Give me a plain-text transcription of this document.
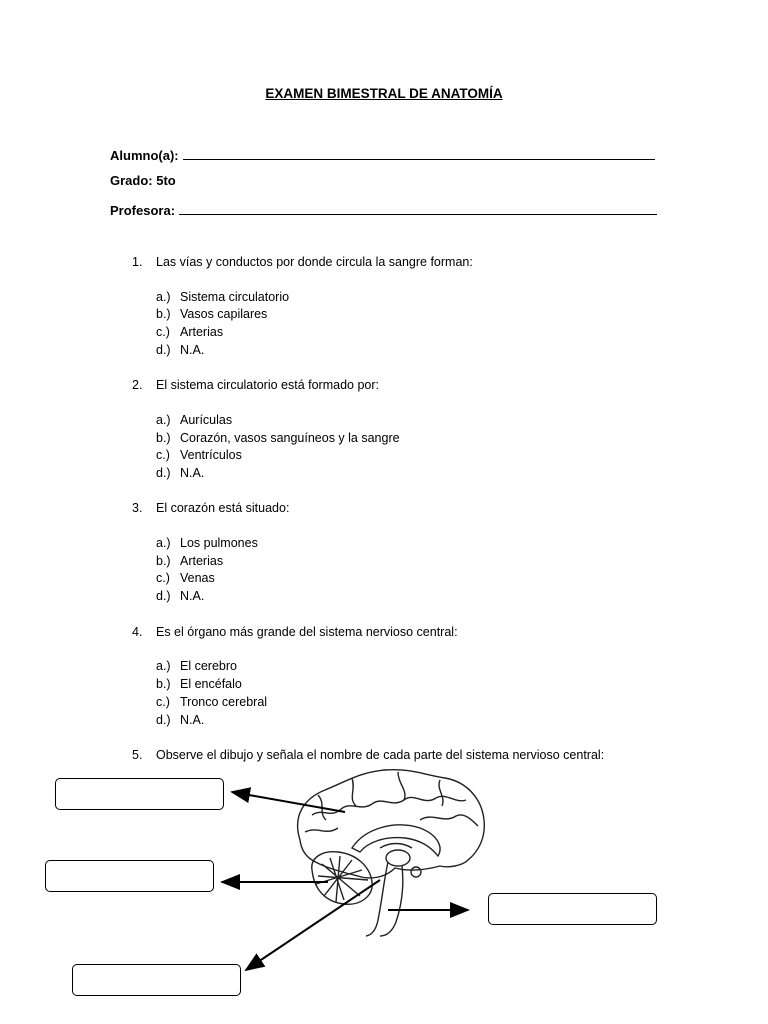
EXAMEN BIMESTRAL DE ANATOMÍA
Alumno(a):
Grado: 5to
Profesora:
1. Las vías y conductos por donde circula la sangre forman:
a.) Sistema circulatorio
b.) Vasos capilares
c.) Arterias
d.) N.A.
2. El sistema circulatorio está formado por:
a.) Aurículas
b.) Corazón, vasos sanguíneos y la sangre
c.) Ventrículos
d.) N.A.
3. El corazón está situado:
a.) Los pulmones
b.) Arterias
c.) Venas
d.) N.A.
4. Es el órgano más grande del sistema nervioso central:
a.) El cerebro
b.) El encéfalo
c.) Tronco cerebral
d.) N.A.
5. Observe el dibujo y señala el nombre de cada parte del sistema nervioso central:
